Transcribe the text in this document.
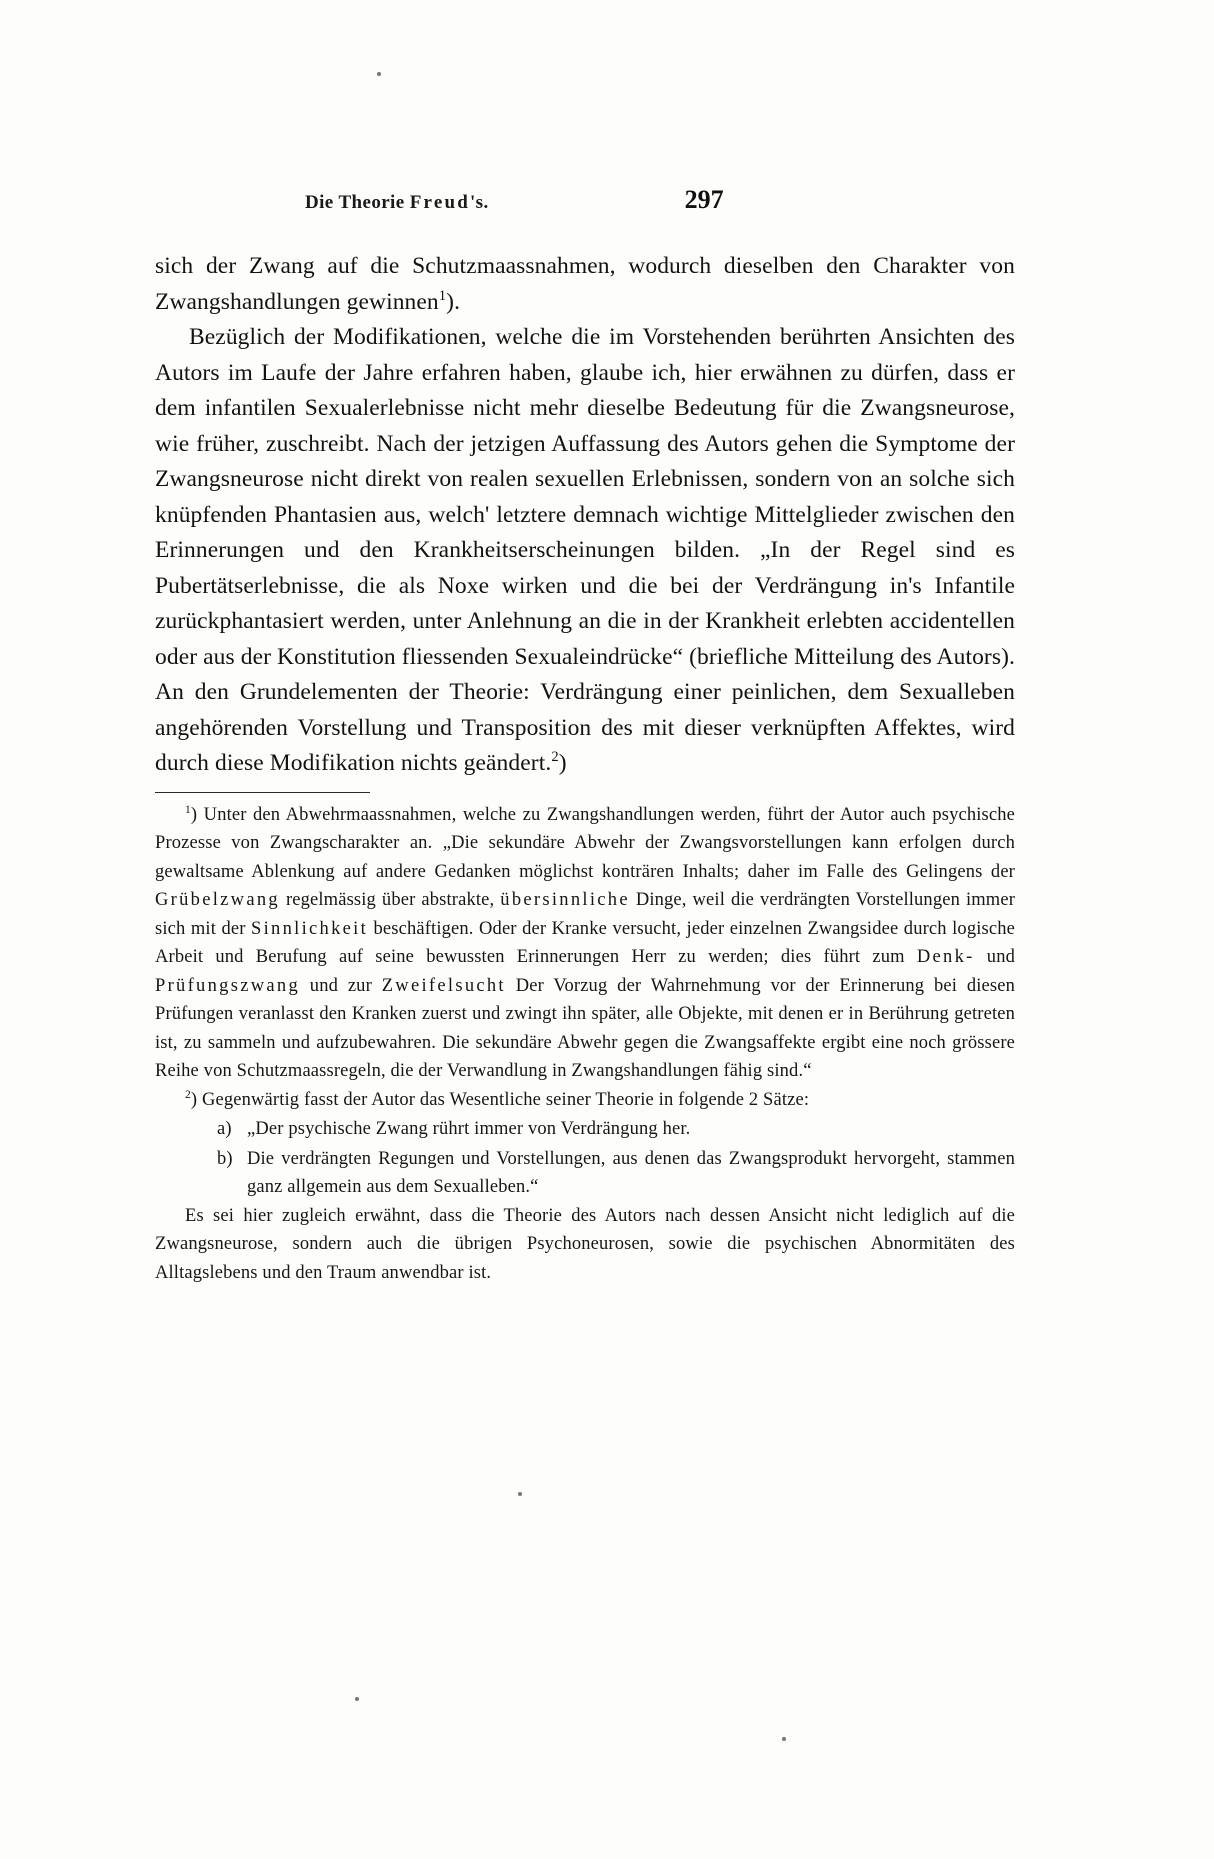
Die Theorie Freud's.	297

sich der Zwang auf die Schutzmaassnahmen, wodurch dieselben den Charakter von Zwangshandlungen gewinnen$^1$).

Bezüglich der Modifikationen, welche die im Vorstehenden berührten Ansichten des Autors im Laufe der Jahre erfahren haben, glaube ich, hier erwähnen zu dürfen, dass er dem infantilen Sexualerlebnisse nicht mehr dieselbe Bedeutung für die Zwangsneurose, wie früher, zuschreibt. Nach der jetzigen Auffassung des Autors gehen die Symptome der Zwangsneurose nicht direkt von realen sexuellen Erlebnissen, sondern von an solche sich knüpfenden Phantasien aus, welch' letztere demnach wichtige Mittelglieder zwischen den Erinnerungen und den Krankheitserscheinungen bilden. „In der Regel sind es Pubertätserlebnisse, die als Noxe wirken und die bei der Verdrängung in's Infantile zurückphantasiert werden, unter Anlehnung an die in der Krankheit erlebten accidentellen oder aus der Konstitution fliessenden Sexualeindrücke“ (briefliche Mitteilung des Autors). An den Grundelementen der Theorie: Verdrängung einer peinlichen, dem Sexualleben angehörenden Vorstellung und Transposition des mit dieser verknüpften Affektes, wird durch diese Modifikation nichts geändert.$^2$)

$^1$) Unter den Abwehrmaassnahmen, welche zu Zwangshandlungen werden, führt der Autor auch psychische Prozesse von Zwangscharakter an. „Die sekundäre Abwehr der Zwangsvorstellungen kann erfolgen durch gewaltsame Ablenkung auf andere Gedanken möglichst konträren Inhalts; daher im Falle des Gelingens der Grübelzwang regelmässig über abstrakte, übersinnliche Dinge, weil die verdrängten Vorstellungen immer sich mit der Sinnlichkeit beschäftigen. Oder der Kranke versucht, jeder einzelnen Zwangsidee durch logische Arbeit und Berufung auf seine bewussten Erinnerungen Herr zu werden; dies führt zum Denk- und Prüfungszwang und zur Zweifelsucht Der Vorzug der Wahrnehmung vor der Erinnerung bei diesen Prüfungen veranlasst den Kranken zuerst und zwingt ihn später, alle Objekte, mit denen er in Berührung getreten ist, zu sammeln und aufzubewahren. Die sekundäre Abwehr gegen die Zwangsaffekte ergibt eine noch grössere Reihe von Schutzmaassregeln, die der Verwandlung in Zwangshandlungen fähig sind.“

$^2$) Gegenwärtig fasst der Autor das Wesentliche seiner Theorie in folgende 2 Sätze:

a) „Der psychische Zwang rührt immer von Verdrängung her.
b) Die verdrängten Regungen und Vorstellungen, aus denen das Zwangsprodukt hervorgeht, stammen ganz allgemein aus dem Sexualleben.“

Es sei hier zugleich erwähnt, dass die Theorie des Autors nach dessen Ansicht nicht lediglich auf die Zwangsneurose, sondern auch die übrigen Psychoneurosen, sowie die psychischen Abnormitäten des Alltagslebens und den Traum anwendbar ist.
